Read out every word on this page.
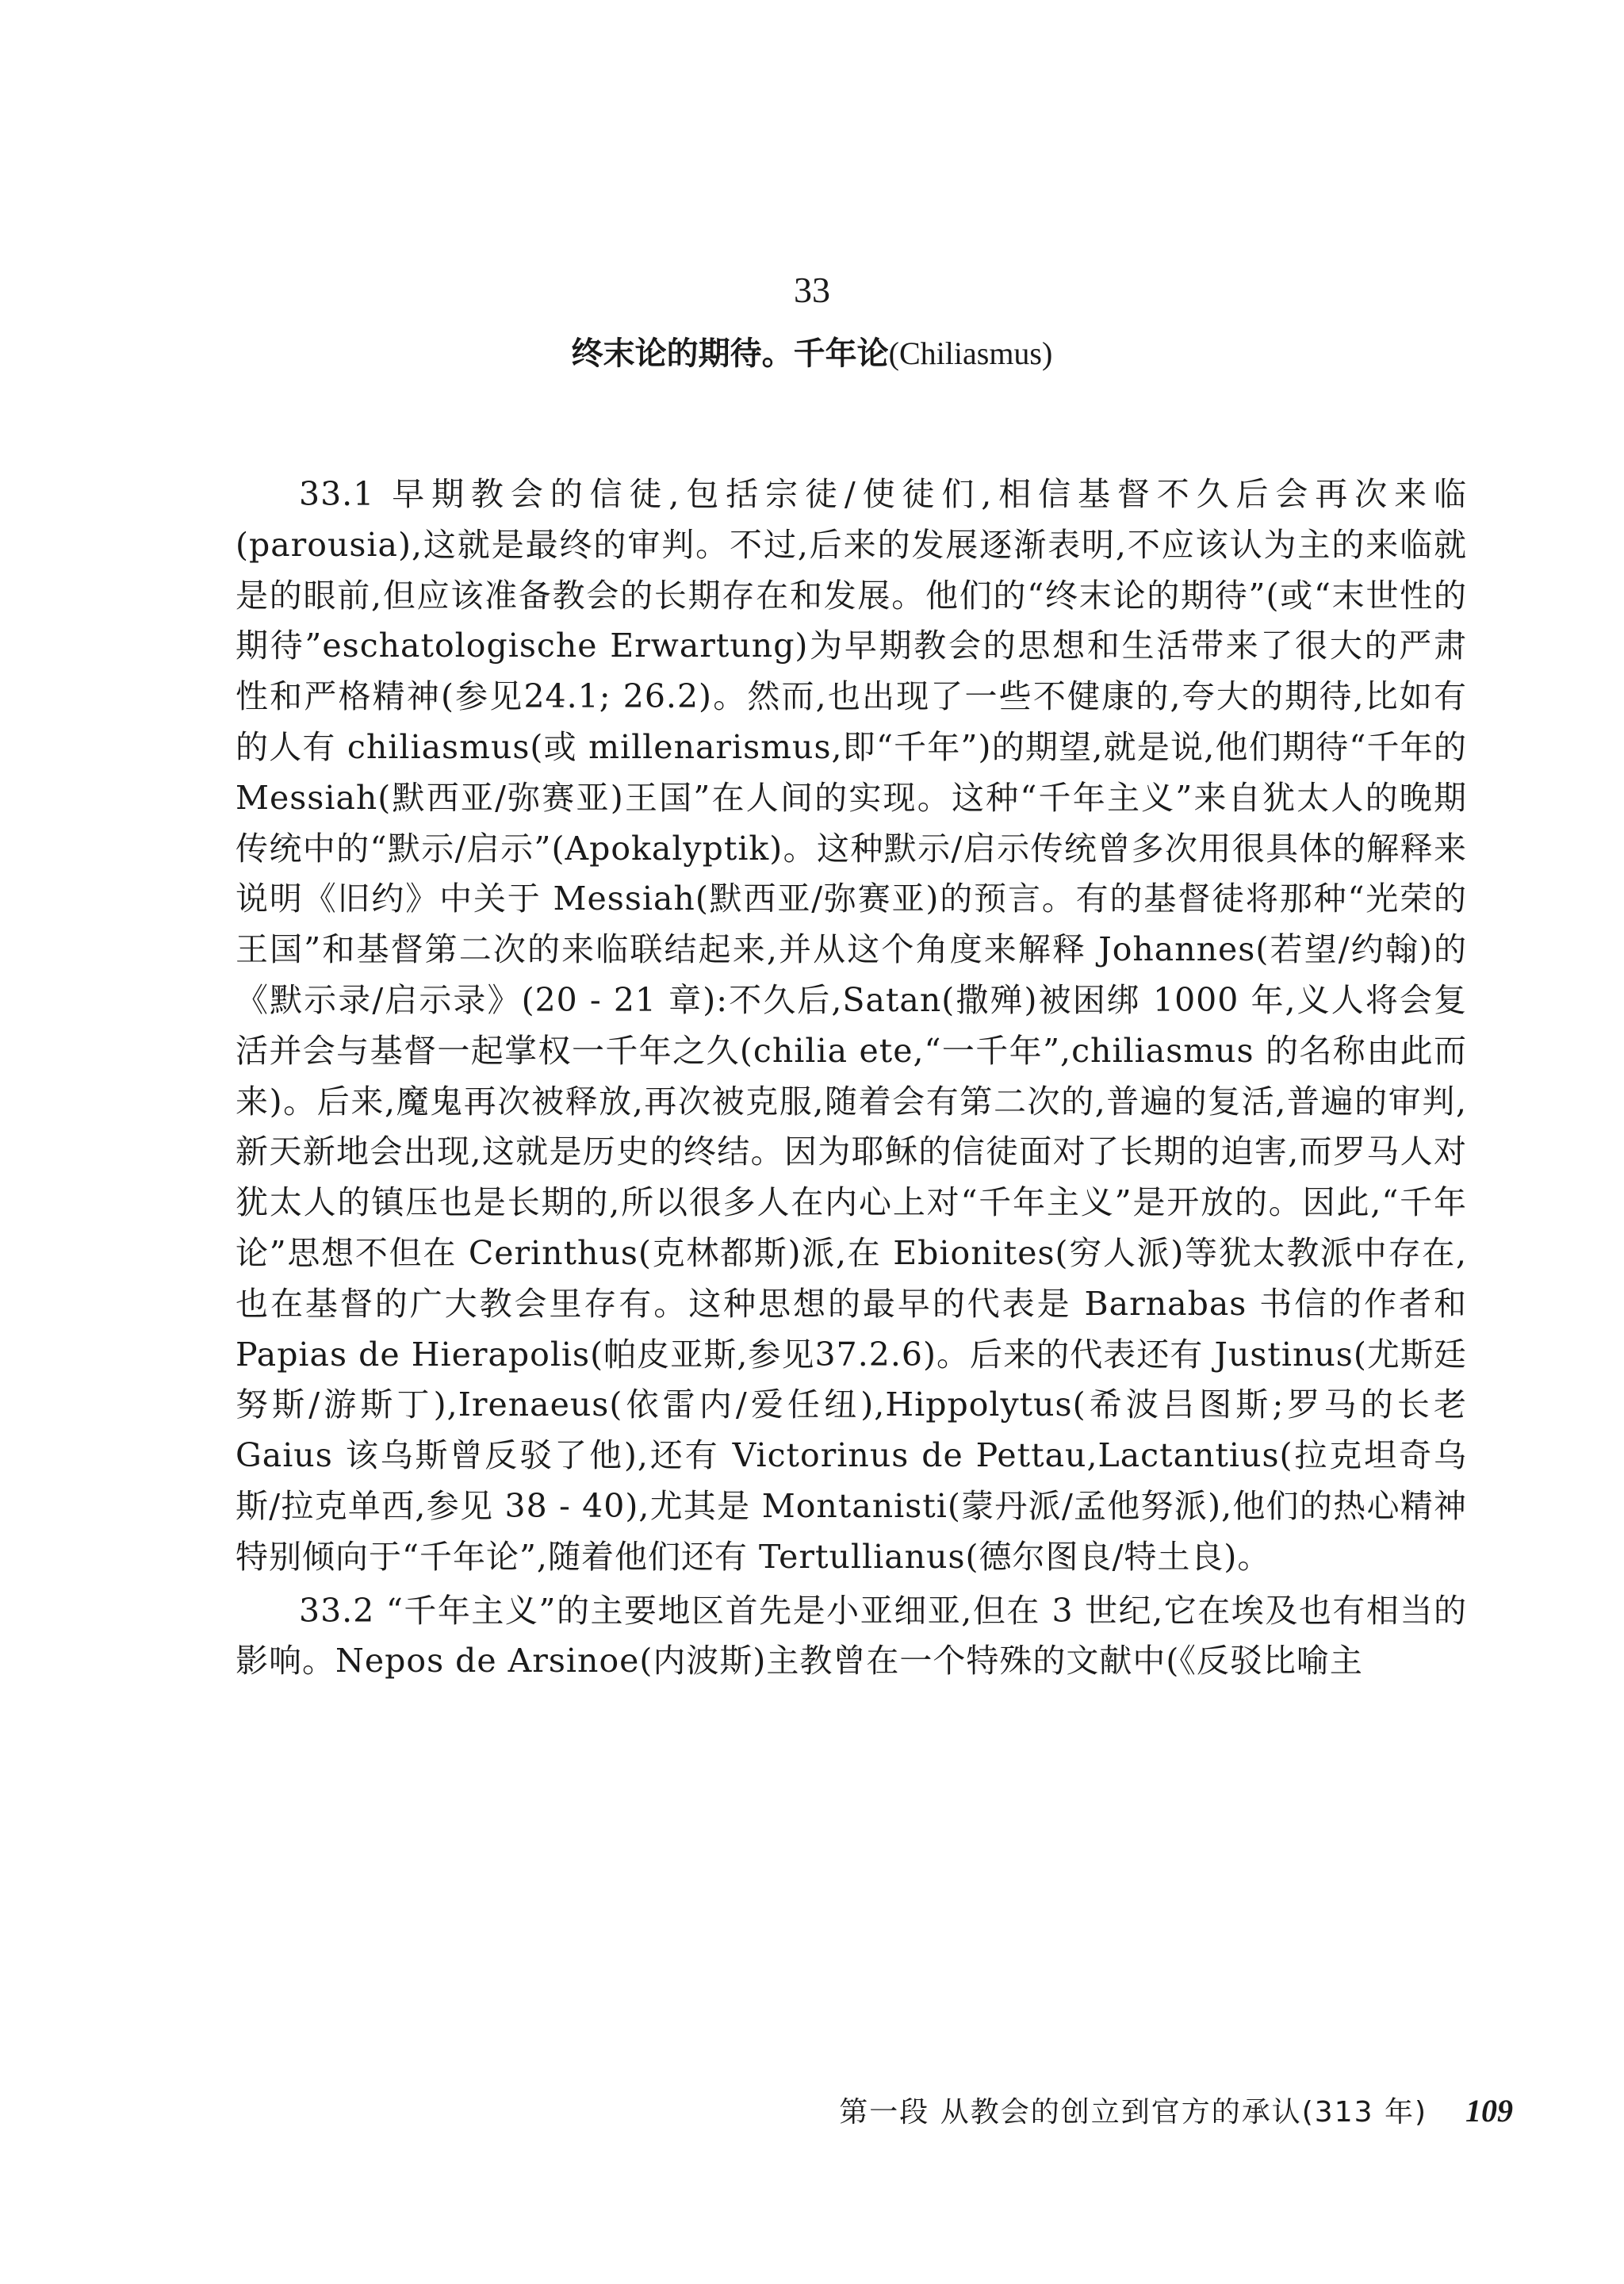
33
终末论的期待。千年论(Chiliasmus)

33.1 早期教会的信徒,包括宗徒/使徒们,相信基督不久后会再次来临(parousia),这就是最终的审判。不过,后来的发展逐渐表明,不应该认为主的来临就是的眼前,但应该准备教会的长期存在和发展。他们的“终末论的期待”(或“末世性的期待”eschatologische Erwartung)为早期教会的思想和生活带来了很大的严肃性和严格精神(参见24.1; 26.2)。然而,也出现了一些不健康的,夸大的期待,比如有的人有 chiliasmus(或 millenarismus,即“千年”)的期望,就是说,他们期待“千年的 Messiah(默西亚/弥赛亚)王国”在人间的实现。这种“千年主义”来自犹太人的晚期传统中的“默示/启示”(Apokalyptik)。这种默示/启示传统曾多次用很具体的解释来说明《旧约》中关于 Messiah(默西亚/弥赛亚)的预言。有的基督徒将那种“光荣的王国”和基督第二次的来临联结起来,并从这个角度来解释 Johannes(若望/约翰)的《默示录/启示录》(20 - 21 章):不久后,Satan(撒殚)被困绑 1000 年,义人将会复活并会与基督一起掌权一千年之久(chilia ete,“一千年”,chiliasmus 的名称由此而来)。后来,魔鬼再次被释放,再次被克服,随着会有第二次的,普遍的复活,普遍的审判,新天新地会出现,这就是历史的终结。因为耶稣的信徒面对了长期的迫害,而罗马人对犹太人的镇压也是长期的,所以很多人在内心上对“千年主义”是开放的。因此,“千年论”思想不但在 Cerinthus(克林都斯)派,在 Ebionites(穷人派)等犹太教派中存在,也在基督的广大教会里存有。这种思想的最早的代表是 Barnabas 书信的作者和 Papias de Hierapolis(帕皮亚斯,参见37.2.6)。后来的代表还有 Justinus(尤斯廷努斯/游斯丁),Irenaeus(依雷内/爱任纽),Hippolytus(希波吕图斯;罗马的长老 Gaius 该乌斯曾反驳了他),还有 Victorinus de Pettau,Lactantius(拉克坦奇乌斯/拉克单西,参见 38 - 40),尤其是 Montanisti(蒙丹派/孟他努派),他们的热心精神特别倾向于“千年论”,随着他们还有 Tertullianus(德尔图良/特土良)。

33.2 “千年主义”的主要地区首先是小亚细亚,但在 3 世纪,它在埃及也有相当的影响。Nepos de Arsinoe(内波斯)主教曾在一个特殊的文献中(《反驳比喻主

第一段 从教会的创立到官方的承认(313 年) 109
